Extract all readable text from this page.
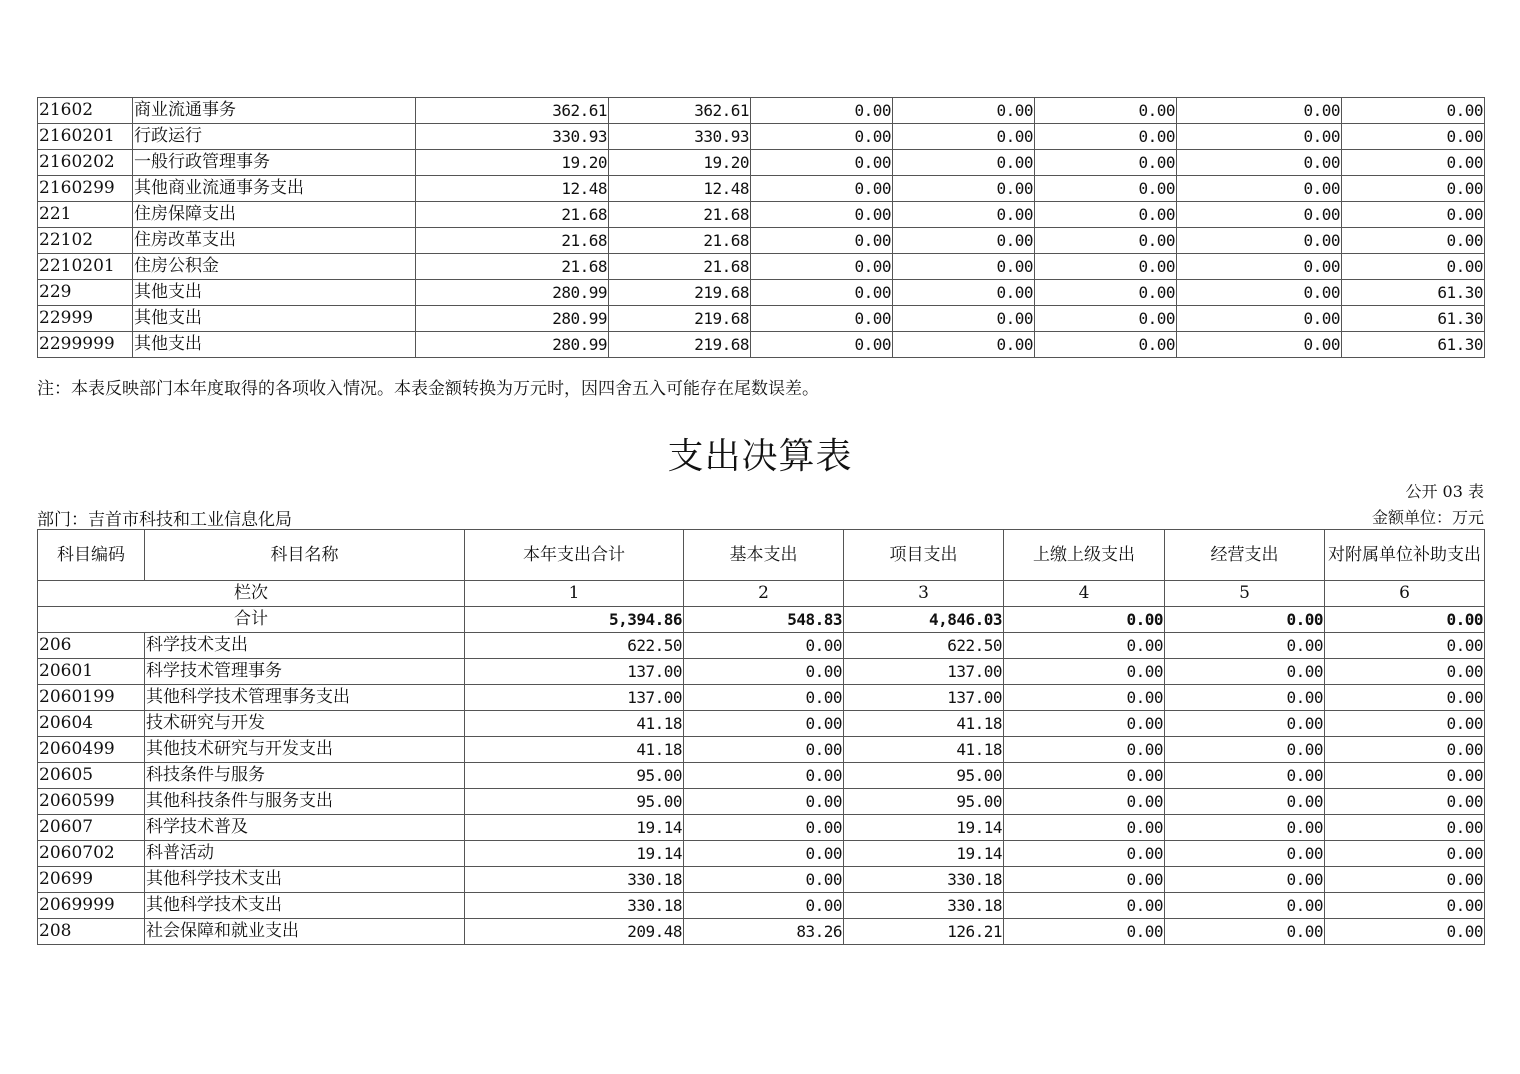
21602	商业流通事务	362.61	362.61	0.00	0.00	0.00	0.00	0.00
2160201	行政运行	330.93	330.93	0.00	0.00	0.00	0.00	0.00
2160202	一般行政管理事务	19.20	19.20	0.00	0.00	0.00	0.00	0.00
2160299	其他商业流通事务支出	12.48	12.48	0.00	0.00	0.00	0.00	0.00
221	住房保障支出	21.68	21.68	0.00	0.00	0.00	0.00	0.00
22102	住房改革支出	21.68	21.68	0.00	0.00	0.00	0.00	0.00
2210201	住房公积金	21.68	21.68	0.00	0.00	0.00	0.00	0.00
229	其他支出	280.99	219.68	0.00	0.00	0.00	0.00	61.30
22999	其他支出	280.99	219.68	0.00	0.00	0.00	0.00	61.30
2299999	其他支出	280.99	219.68	0.00	0.00	0.00	0.00	61.30
注：本表反映部门本年度取得的各项收入情况。本表金额转换为万元时，因四舍五入可能存在尾数误差。
支出决算表
公开 03 表
部门：吉首市科技和工业信息化局	金额单位：万元
科目编码	科目名称	本年支出合计	基本支出	项目支出	上缴上级支出	经营支出	对附属单位补助支出
栏次		1	2	3	4	5	6
合计		5,394.86	548.83	4,846.03	0.00	0.00	0.00
206	科学技术支出	622.50	0.00	622.50	0.00	0.00	0.00
20601	科学技术管理事务	137.00	0.00	137.00	0.00	0.00	0.00
2060199	其他科学技术管理事务支出	137.00	0.00	137.00	0.00	0.00	0.00
20604	技术研究与开发	41.18	0.00	41.18	0.00	0.00	0.00
2060499	其他技术研究与开发支出	41.18	0.00	41.18	0.00	0.00	0.00
20605	科技条件与服务	95.00	0.00	95.00	0.00	0.00	0.00
2060599	其他科技条件与服务支出	95.00	0.00	95.00	0.00	0.00	0.00
20607	科学技术普及	19.14	0.00	19.14	0.00	0.00	0.00
2060702	科普活动	19.14	0.00	19.14	0.00	0.00	0.00
20699	其他科学技术支出	330.18	0.00	330.18	0.00	0.00	0.00
2069999	其他科学技术支出	330.18	0.00	330.18	0.00	0.00	0.00
208	社会保障和就业支出	209.48	83.26	126.21	0.00	0.00	0.00
